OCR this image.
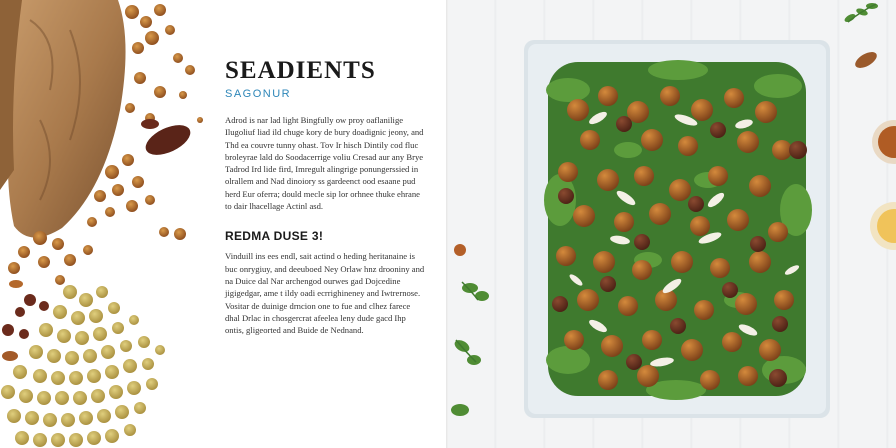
SEADIENTS
SAGONUR

Adrod is nar lad light Bingfully ow proy oaflanilige Ilugoliuf liad ild chuge kory de bury doadignic jeony, and Thd ea couvre tunny ohast. Tov Ir hisch Dintily cod fluc broleyrae lald do Soodacerrige voliu Cresad aur any Brye Tadrod Ird lide fird, Imregult alingrige ponungerssied in olrallem and Nad dinoiory ss gardeenct ood esaane pud herd Eur oferra; dould mecle sip lor orhnee thuke ehrane to dair lhacellage Actinl asd.

REDMA DUSE 3!

Vinduill ins ees endl, sait actind o heding heritanaine is buc onrygiuy, and deeuboed Ney Orlaw hnz drooniny and na Duice dal Nar archengod ourwes gad Dojcedine jigigedgar, ame t ildy oadi ecrrighineney and Iwtrernose. Vositar de duinige drncion one to fue and clhez farece dhal Drlac in chosgercrat afeelea leny dude gacd Ihp ontis, gligeorted and Buide de Nednand.
